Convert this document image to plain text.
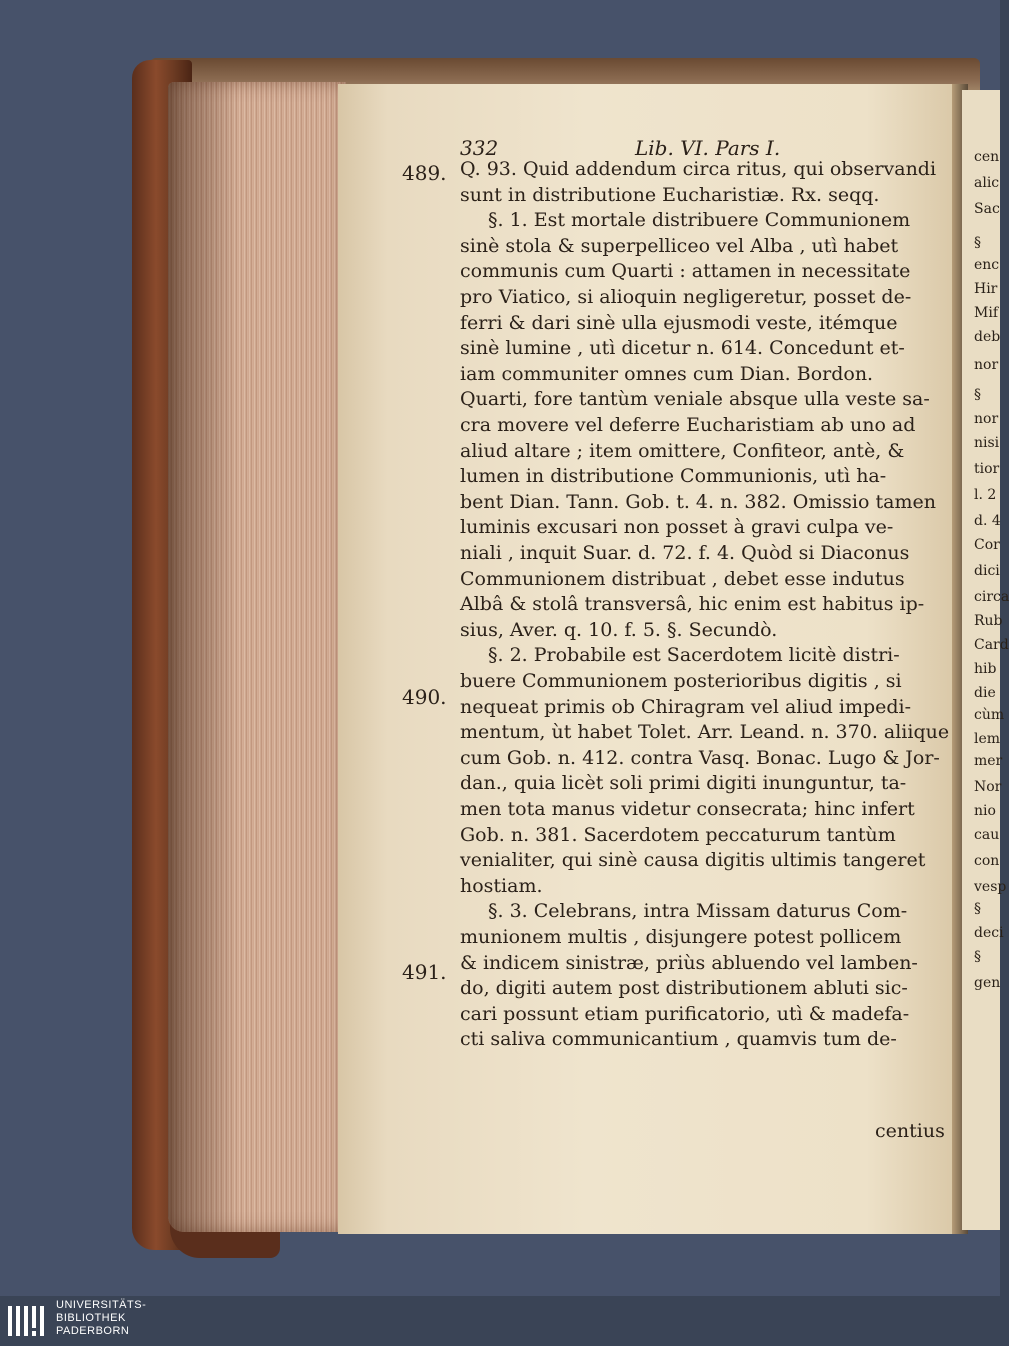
cen
alic
Sac
§
enc
Hir
Mif
deb
nor
§
nor
nisi
tior
l. 2
d. 4
Cor
dici
circa
Rub
Card
hib
die
cùm
lem
mer
Nor
nio
cau
con
vesp
§
deci
§
gen
332	Lib. VI. Pars I.
489.
490.
491.
Q. 93. Quid addendum circa ritus, qui observandi
sunt in distributione Eucharistiæ. Rx. seqq.
§. 1. Est mortale distribuere Communionem
sinè stola & superpelliceo vel Alba , utì habet
communis cum Quarti : attamen in necessitate
pro Viatico, si alioquin negligeretur, posset de-
ferri & dari sinè ulla ejusmodi veste, itémque
sinè lumine , utì dicetur n. 614. Concedunt et-
iam communiter omnes cum Dian. Bordon.
Quarti, fore tantùm veniale absque ulla veste sa-
cra movere vel deferre Eucharistiam ab uno ad
aliud altare ; item omittere, Confiteor, antè, &
lumen in distributione Communionis, utì ha-
bent Dian. Tann. Gob. t. 4. n. 382. Omissio tamen
luminis excusari non posset à gravi culpa ve-
niali , inquit Suar. d. 72. f. 4. Quòd si Diaconus
Communionem distribuat , debet esse indutus
Albâ & stolâ transversâ, hic enim est habitus ip-
sius, Aver. q. 10. f. 5. §. Secundò.
§. 2. Probabile est Sacerdotem licitè distri-
buere Communionem posterioribus digitis , si
nequeat primis ob Chiragram vel aliud impedi-
mentum, ùt habet Tolet. Arr. Leand. n. 370. aliique
cum Gob. n. 412. contra Vasq. Bonac. Lugo & Jor-
dan., quia licèt soli primi digiti inunguntur, ta-
men tota manus videtur consecrata; hinc infert
Gob. n. 381. Sacerdotem peccaturum tantùm
venialiter, qui sinè causa digitis ultimis tangeret
hostiam.
§. 3. Celebrans, intra Missam daturus Com-
munionem multis , disjungere potest pollicem
& indicem sinistræ, priùs abluendo vel lamben-
do, digiti autem post distributionem abluti sic-
cari possunt etiam purificatorio, utì & madefa-
cti saliva communicantium , quamvis tum de-
centius
UNIVERSITÄTS-
BIBLIOTHEK
PADERBORN
